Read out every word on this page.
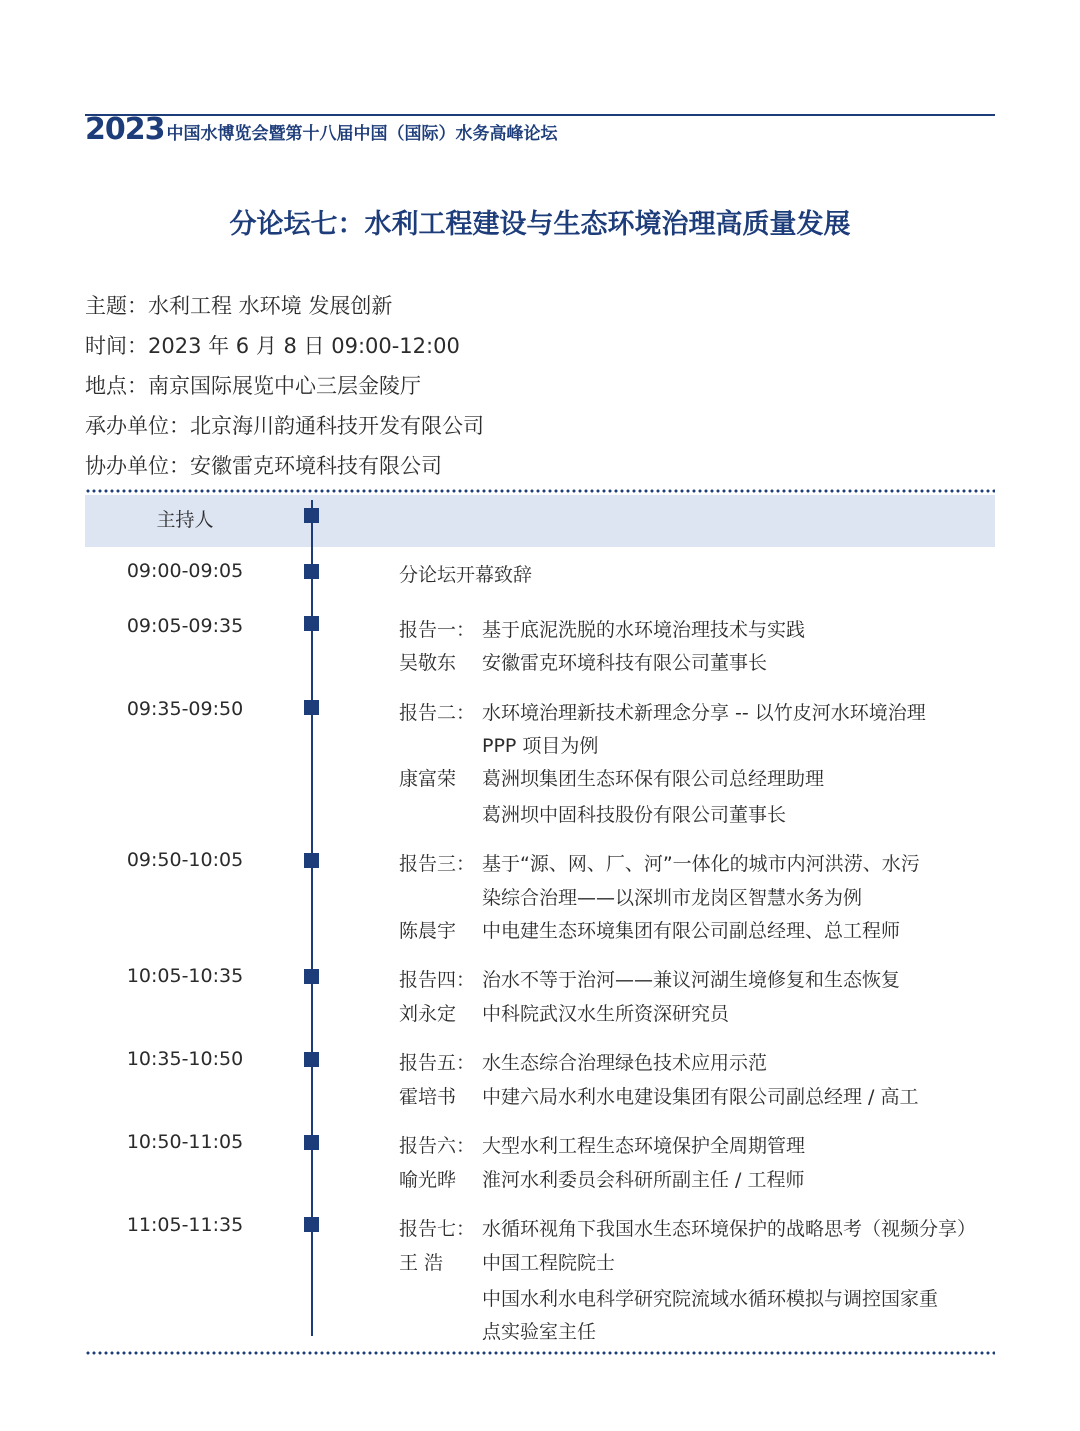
2023 中国水博览会暨第十八届中国（国际）水务高峰论坛
分论坛七：水利工程建设与生态环境治理高质量发展
主题：水利工程 水环境 发展创新
时间：2023 年 6 月 8 日 09:00-12:00
地点：南京国际展览中心三层金陵厅
承办单位：北京海川韵通科技开发有限公司
协办单位：安徽雷克环境科技有限公司
主持人
09:00-09:05	分论坛开幕致辞
09:05-09:35	报告一： 基于底泥洗脱的水环境治理技术与实践
吴敬东 安徽雷克环境科技有限公司董事长
09:35-09:50	报告二： 水环境治理新技术新理念分享 -- 以竹皮河水环境治理
PPP 项目为例
康富荣 葛洲坝集团生态环保有限公司总经理助理
葛洲坝中固科技股份有限公司董事长
09:50-10:05	报告三： 基于“源、网、厂、河”一体化的城市内河洪涝、水污
染综合治理——以深圳市龙岗区智慧水务为例
陈晨宇 中电建生态环境集团有限公司副总经理、总工程师
10:05-10:35	报告四： 治水不等于治河——兼议河湖生境修复和生态恢复
刘永定 中科院武汉水生所资深研究员
10:35-10:50	报告五： 水生态综合治理绿色技术应用示范
霍培书 中建六局水利水电建设集团有限公司副总经理 / 高工
10:50-11:05	报告六： 大型水利工程生态环境保护全周期管理
喻光晔 淮河水利委员会科研所副主任 / 工程师
11:05-11:35	报告七： 水循环视角下我国水生态环境保护的战略思考（视频分享）
王 浩 中国工程院院士
中国水利水电科学研究院流域水循环模拟与调控国家重
点实验室主任
